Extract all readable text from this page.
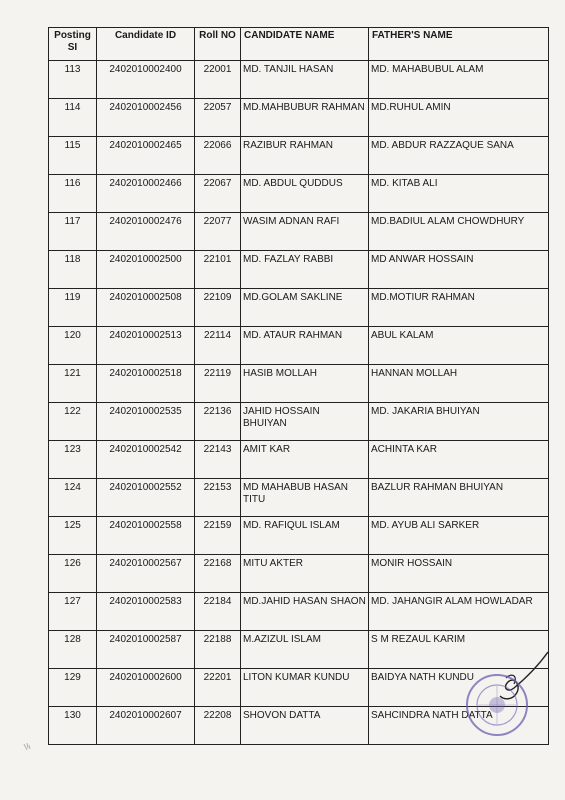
Posting SI	Candidate ID	Roll NO	CANDIDATE NAME	FATHER'S NAME
113	2402010002400	22001	MD. TANJIL HASAN	MD. MAHABUBUL ALAM
114	2402010002456	22057	MD.MAHBUBUR RAHMAN	MD.RUHUL AMIN
115	2402010002465	22066	RAZIBUR RAHMAN	MD. ABDUR RAZZAQUE SANA
116	2402010002466	22067	MD. ABDUL QUDDUS	MD. KITAB ALI
117	2402010002476	22077	WASIM ADNAN RAFI	MD.BADIUL ALAM CHOWDHURY
118	2402010002500	22101	MD. FAZLAY RABBI	MD ANWAR HOSSAIN
119	2402010002508	22109	MD.GOLAM SAKLINE	MD.MOTIUR RAHMAN
120	2402010002513	22114	MD. ATAUR RAHMAN	ABUL KALAM
121	2402010002518	22119	HASIB MOLLAH	HANNAN MOLLAH
122	2402010002535	22136	JAHID HOSSAIN BHUIYAN	MD. JAKARIA BHUIYAN
123	2402010002542	22143	AMIT KAR	ACHINTA KAR
124	2402010002552	22153	MD MAHABUB HASAN TITU	BAZLUR RAHMAN BHUIYAN
125	2402010002558	22159	MD. RAFIQUL ISLAM	MD. AYUB ALI SARKER
126	2402010002567	22168	MITU AKTER	MONIR HOSSAIN
127	2402010002583	22184	MD.JAHID HASAN SHAON	MD. JAHANGIR ALAM HOWLADAR
128	2402010002587	22188	M.AZIZUL ISLAM	S M REZAUL KARIM
129	2402010002600	22201	LITON KUMAR KUNDU	BAIDYA NATH KUNDU
130	2402010002607	22208	SHOVON DATTA	SAHCINDRA NATH DATTA
